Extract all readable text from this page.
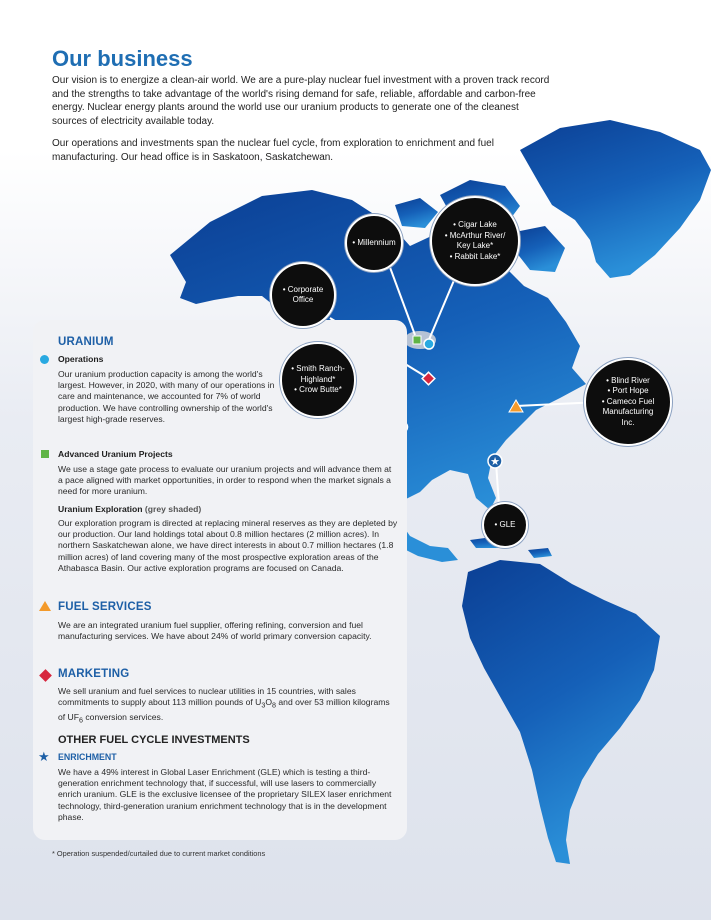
★
Our business

Our vision is to energize a clean-air world. We are a pure-play nuclear fuel investment with a proven track record and the strengths to take advantage of the world's rising demand for safe, reliable, affordable and carbon-free energy. Nuclear energy plants around the world use our uranium products to generate one of the cleanest sources of electricity available today.

Our operations and investments span the nuclear fuel cycle, from exploration to enrichment and fuel manufacturing. Our head office is in Saskatoon, Saskatchewan.

URANIUM
Operations

Our uranium production capacity is among the world's largest. However, in 2020, with many of our operations in care and maintenance, we accounted for 7% of world production. We have controlling ownership of the world's largest high-grade reserves.

Advanced Uranium Projects

We use a stage gate process to evaluate our uranium projects and will advance them at a pace aligned with market opportunities, in order to respond when the market signals a need for more uranium.

Uranium Exploration (grey shaded)

Our exploration program is directed at replacing mineral reserves as they are depleted by our production. Our land holdings total about 0.8 million hectares (2 million acres). In northern Saskatchewan alone, we have direct interests in about 0.7 million hectares (1.8 million acres) of land covering many of the most prospective exploration areas of the Athabasca Basin. Our active exploration programs are focused on Canada.

FUEL SERVICES

We are an integrated uranium fuel supplier, offering refining, conversion and fuel manufacturing services. We have about 24% of world primary conversion capacity.

MARKETING

We sell uranium and fuel services to nuclear utilities in 15 countries, with sales commitments to supply about 113 million pounds of $U_3O_8$ and over 53 million kilograms of $UF_6$ conversion services.

OTHER FUEL CYCLE INVESTMENTS
★ ENRICHMENT

We have a 49% interest in Global Laser Enrichment (GLE) which is testing a third-generation enrichment technology that, if successful, will use lasers to commercially enrich uranium. GLE is the exclusive licensee of the proprietary SILEX laser enrichment technology, third-generation uranium enrichment technology that is in the development phase.

* Operation suspended/curtailed due to current market conditions
• Millennium
• Cigar Lake
• McArthur River/
Key Lake*
• Rabbit Lake*
• Corporate
Office
• Smith Ranch-
Highland*
• Crow Butte*
• Blind River
• Port Hope
• Cameco Fuel
Manufacturing
Inc.
• GLE
